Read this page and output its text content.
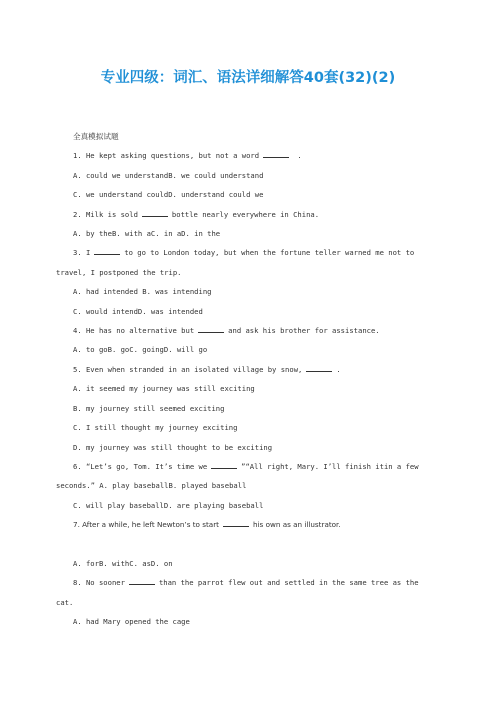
专业四级：词汇、语法详细解答40套(32)(2)

全真模拟试题

1. He kept asking questions, but not a word	.

A. could we understandB. we could understand

C. we understand couldD. understand could we

2. Milk is sold	bottle nearly everywhere in China.

A. by theB. with aC. in aD. in the

3. I	to go to London today, but when the fortune teller warned me not to travel, I postponed the trip.

A. had intended B. was intending

C. would intendD. was intended

4. He has no alternative but	and ask his brother for assistance.

A. to goB. goC. goingD. will go

5. Even when stranded in an isolated village by snow,	.

A. it seemed my journey was still exciting

B. my journey still seemed exciting

C. I still thought my journey exciting

D. my journey was still thought to be exciting

6. “Let’s go, Tom. It’s time we	”“All right, Mary. I’ll finish itin a few seconds.” A. play baseballB. played baseball

C. will play baseballD. are playing baseball

7. After a while, he left Newton’s to start	his own as an illustrator.

A. forB. withC. asD. on

8. No sooner	than the parrot flew out and settled in the same tree as the cat.

A. had Mary opened the cage
